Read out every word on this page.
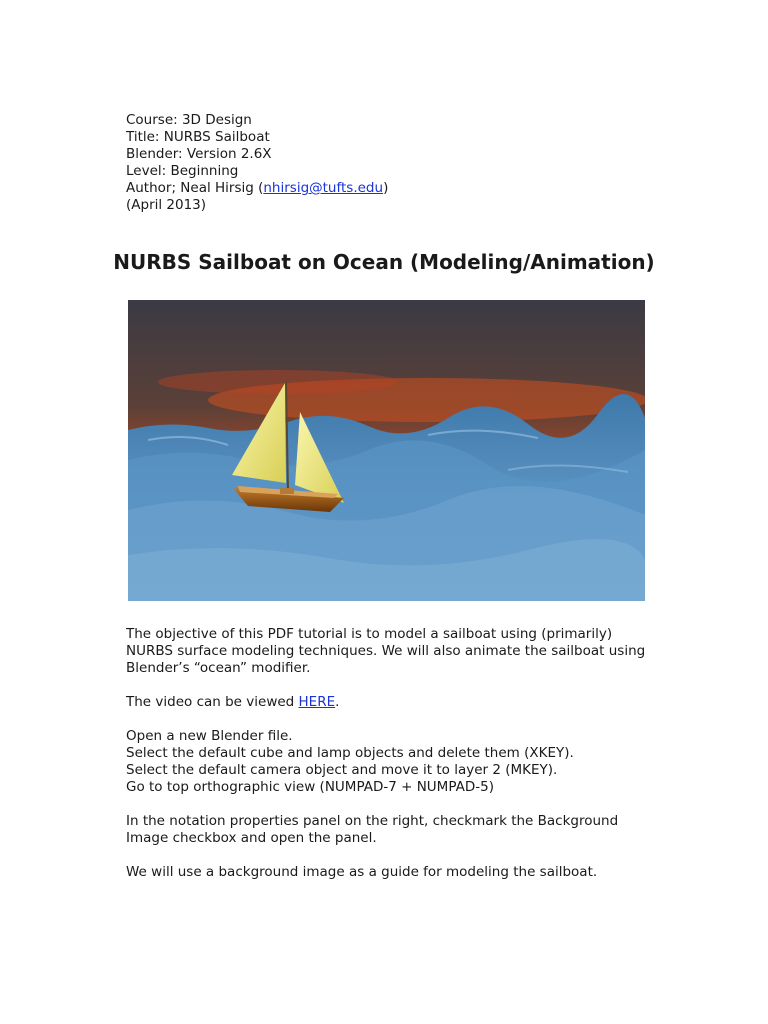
Course: 3D Design
Title: NURBS Sailboat
Blender: Version 2.6X
Level: Beginning
Author; Neal Hirsig (nhirsig@tufts.edu)
(April 2013)
NURBS Sailboat on Ocean (Modeling/Animation)

The objective of this PDF tutorial is to model a sailboat using (primarily) NURBS surface modeling techniques. We will also animate the sailboat using Blender’s “ocean” modifier.

The video can be viewed HERE.

Open a new Blender file.

Select the default cube and lamp objects and delete them (XKEY).

Select the default camera object and move it to layer 2 (MKEY).

Go to top orthographic view (NUMPAD-7 + NUMPAD-5)

In the notation properties panel on the right, checkmark the Background Image checkbox and open the panel.

We will use a background image as a guide for modeling the sailboat.
